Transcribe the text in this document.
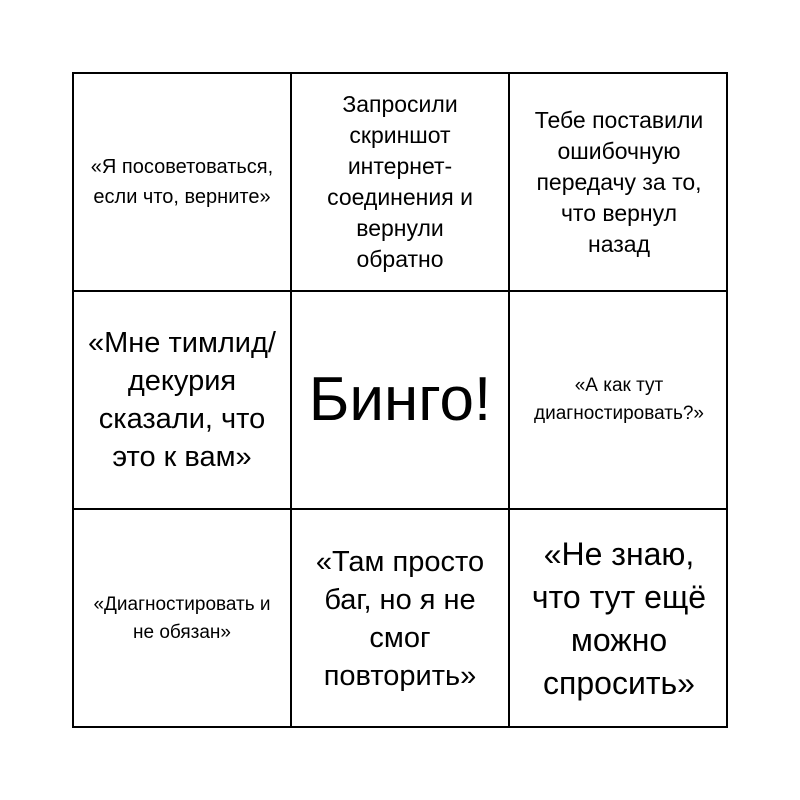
«Я посоветоваться, если что, верните»
Запросили скриншот интернет-соединения и вернули обратно
Тебе поставили ошибочную передачу за то, что вернул назад
«Мне тимлид/ декурия сказали, что это к вам»
Бинго!	«А как тут диагностировать?»
«Диагностировать и не обязан»
«Там просто баг, но я не смог повторить»
«Не знаю, что тут ещё можно спросить»
